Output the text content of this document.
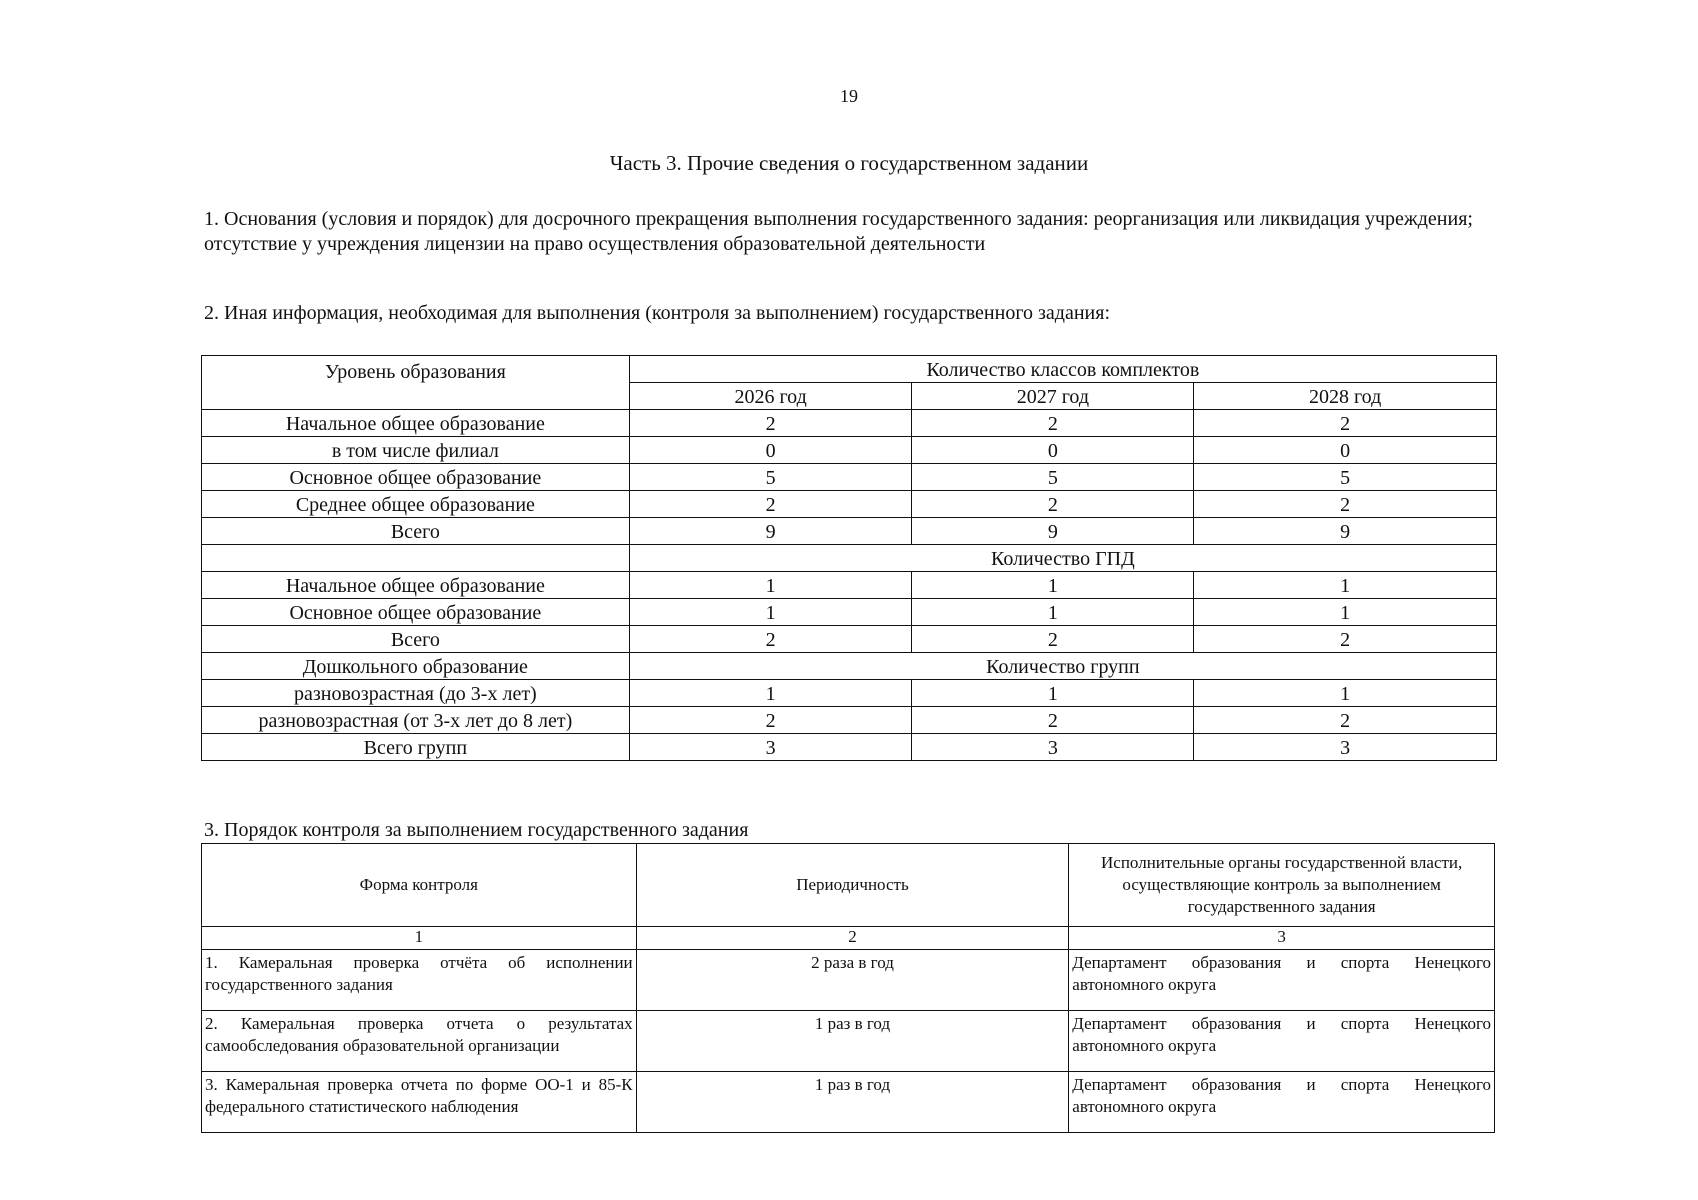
19
Часть 3. Прочие сведения о государственном задании
1. Основания (условия и порядок) для досрочного прекращения выполнения государственного задания: реорганизация или ликвидация учреждения; отсутствие у учреждения лицензии на право осуществления образовательной деятельности
2. Иная информация, необходимая для выполнения (контроля за выполнением) государственного задания:
Уровень образования	Количество классов комплектов		
	2026 год	2027 год	2028 год
Начальное общее образование	2	2	2
в том числе филиал	0	0	0
Основное общее образование	5	5	5
Среднее общее образование	2	2	2
Всего	9	9	9
	Количество ГПД		
Начальное общее образование	1	1	1
Основное общее образование	1	1	1
Всего	2	2	2
Дошкольного образование	Количество групп		
разновозрастная (до 3-х лет)	1	1	1
разновозрастная (от 3-х лет до 8 лет)	2	2	2
Всего групп	3	3	3
3. Порядок контроля за выполнением государственного задания
Форма контроля	Периодичность	Исполнительные органы государственной власти, осуществляющие контроль за выполнением государственного задания
1	2	3
1. Камеральная проверка отчёта об исполнении государственного задания	2 раза в год	Департамент образования и спорта Ненецкого автономного округа
2. Камеральная проверка отчета о результатах самообследования образовательной организации	1 раз в год	Департамент образования и спорта Ненецкого автономного округа
3. Камеральная проверка отчета по форме ОО-1 и 85-К федерального статистического наблюдения	1 раз в год	Департамент образования и спорта Ненецкого автономного округа
